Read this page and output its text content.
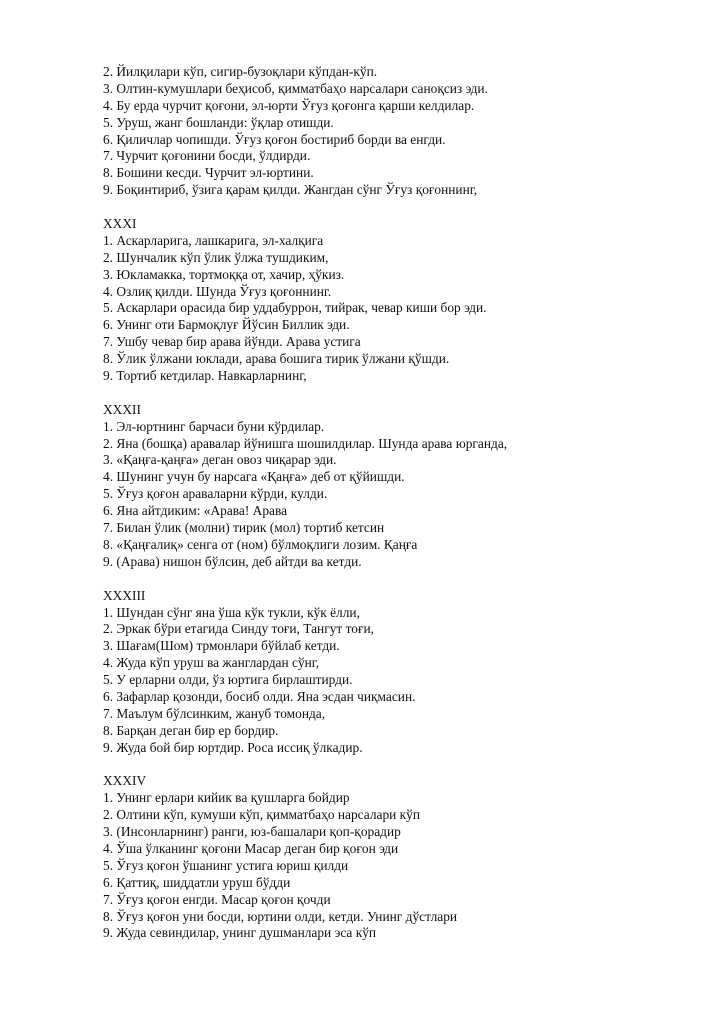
2. Йилқилари кўп, сигир-бузоқлари кўпдан-кўп.
3. Олтин-кумушлари беҳисоб, қимматбаҳо нарсалари саноқсиз эди.
4. Бу ерда чурчит қоғони, эл-юрти Ўғуз қоғонга қарши келдилар.
5. Уруш, жанг бошланди: ўқлар отишди.
6. Қиличлар чопишди. Ўғуз қоғон бостириб борди ва енгди.
7. Чурчит қоғонини босди, ўлдирди.
8. Бошини кесди. Чурчит эл-юртини.
9. Боқинтириб, ўзига қарам қилди. Жангдан сўнг Ўғуз қоғоннинг,
XXXI
1. Аскарларига, лашкарига, эл-халқига
2. Шунчалик кўп ўлик ўлжа тушдиким,
3. Юкламакка, тортмоққа от, хачир, ҳўкиз.
4. Озлиқ қилди. Шунда Ўғуз қоғоннинг.
5. Аскарлари орасида бир уддабуррон, тийрак, чевар киши бор эди.
6. Унинг оти Бармоқлуғ Йўсин Биллик эди.
7. Ушбу чевар бир арава йўнди. Арава устига
8. Ўлик ўлжани юклади, арава бошига тирик ўлжани қўшди.
9. Тортиб кетдилар. Навкарларнинг,
XXXII
1. Эл-юртнинг барчаси буни кўрдилар.
2. Яна (бошқа) аравалар йўнишга шошилдилар. Шунда арава юрганда,
3. «Қаңға-қаңға» деган овоз чиқарар эди.
4. Шунинг учун бу нарсага «Қаңға» деб от қўйишди.
5. Ўғуз қоғон араваларни кўрди, кулди.
6. Яна айтдиким: «Арава! Арава
7. Билан ўлик (молни) тирик (мол) тортиб кетсин
8. «Қаңғалиқ» сенга от (ном) бўлмоқлиги лозим. Қаңға
9. (Арава) нишон бўлсин, деб айтди ва кетди.
XXXIII
1. Шундан сўнг яна ўша кўк тукли, кўк ёлли,
2. Эркак бўри етагида Синду тоғи, Тангут тоғи,
3. Шағам(Шом) трмонлари бўйлаб кетди.
4. Жуда кўп уруш ва жанглардан сўнг,
5. У ерларни олди, ўз юртига бирлаштирди.
6. Зафарлар қозонди, босиб олди. Яна эсдан чиқмасин.
7. Маълум бўлсинким, жануб томонда,
8. Барқан деган бир ер бордир.
9. Жуда бой бир юртдир. Роса иссиқ ўлкадир.
XXXIV
1. Унинг ерлари кийик ва қушларга бойдир
2. Олтини кўп, кумуши кўп, қимматбаҳо нарсалари кўп
3. (Инсонларнинг) ранги, юз-башалари қоп-қорадир
4. Ўша ўлканинг қоғони Масар деган бир қоғон эди
5. Ўғуз қоғон ўшанинг устига юриш қилди
6. Қаттиқ, шиддатли уруш бўдди
7. Ўғуз қоғон енгди. Масар қоғон қочди
8. Ўғуз қоғон уни босди, юртини олди, кетди. Унинг дўстлари
9. Жуда севиндилар, унинг душманлари эса кўп
